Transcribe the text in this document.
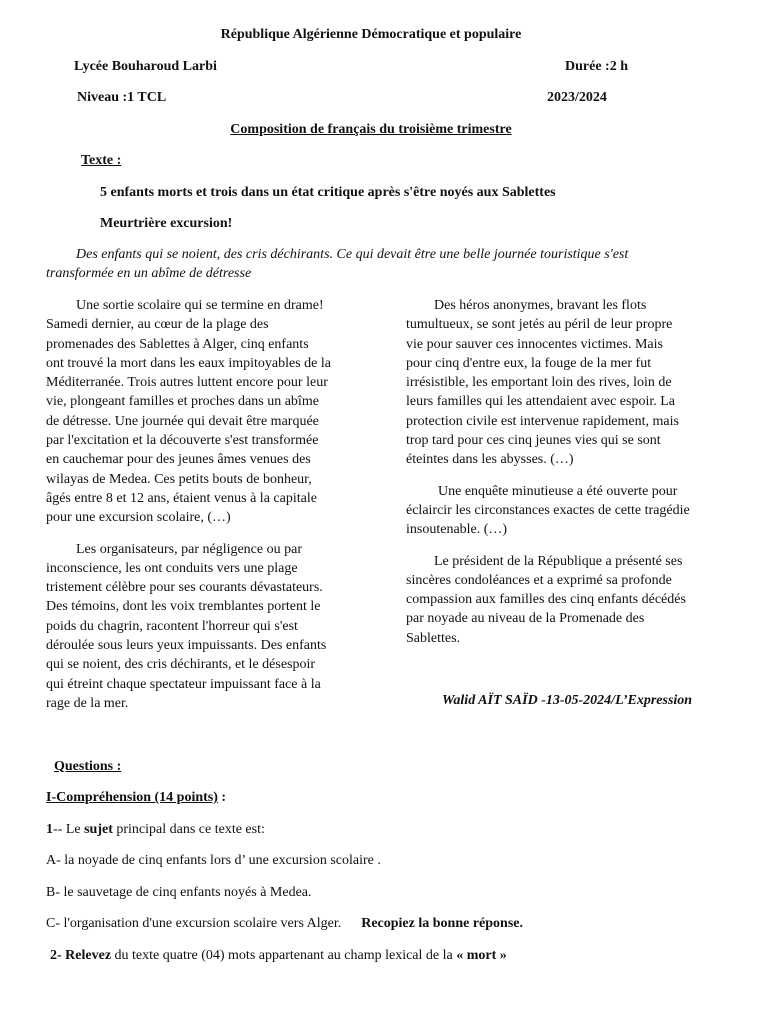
République Algérienne Démocratique et populaire
Lycée Bouharoud Larbi	Durée :2 h
Niveau :1 TCL	2023/2024
Composition de français du troisième trimestre
Texte :
5 enfants morts et trois dans un état critique après s'être noyés aux Sablettes
Meurtrière excursion!
Des enfants qui se noient, des cris déchirants. Ce qui devait être une belle journée touristique s'est
transformée en un abîme de détresse
Une sortie scolaire qui se termine en drame!
Samedi dernier, au cœur de la plage des
promenades des Sablettes à Alger, cinq enfants
ont trouvé la mort dans les eaux impitoyables de la
Méditerranée. Trois autres luttent encore pour leur
vie, plongeant familles et proches dans un abîme
de détresse. Une journée qui devait être marquée
par l'excitation et la découverte s'est transformée
en cauchemar pour des jeunes âmes venues des
wilayas de Medea. Ces petits bouts de bonheur,
âgés entre 8 et 12 ans, étaient venus à la capitale
pour une excursion scolaire, (…)
Les organisateurs, par négligence ou par
inconscience, les ont conduits vers une plage
tristement célèbre pour ses courants dévastateurs.
Des témoins, dont les voix tremblantes portent le
poids du chagrin, racontent l'horreur qui s'est
déroulée sous leurs yeux impuissants. Des enfants
qui se noient, des cris déchirants, et le désespoir
qui étreint chaque spectateur impuissant face à la
rage de la mer.
Des héros anonymes, bravant les flots
tumultueux, se sont jetés au péril de leur propre
vie pour sauver ces innocentes victimes. Mais
pour cinq d'entre eux, la fouge de la mer fut
irrésistible, les emportant loin des rives, loin de
leurs familles qui les attendaient avec espoir. La
protection civile est intervenue rapidement, mais
trop tard pour ces cinq jeunes vies qui se sont
éteintes dans les abysses. (…)
Une enquête minutieuse a été ouverte pour
éclaircir les circonstances exactes de cette tragédie
insoutenable. (…)
Le président de la République a présenté ses
sincères condoléances et a exprimé sa profonde
compassion aux familles des cinq enfants décédés
par noyade au niveau de la Promenade des
Sablettes.
Walid AÏT SAÏD -13-05-2024/L’Expression
Questions :
I-Compréhension (14 points) :
1-- Le sujet principal dans ce texte est:
A- la noyade de cinq enfants lors d’ une excursion scolaire .
B- le sauvetage de cinq enfants noyés à Medea.
C- l'organisation d'une excursion scolaire vers Alger. Recopiez la bonne réponse.
2- Relevez du texte quatre (04) mots appartenant au champ lexical de la « mort »
